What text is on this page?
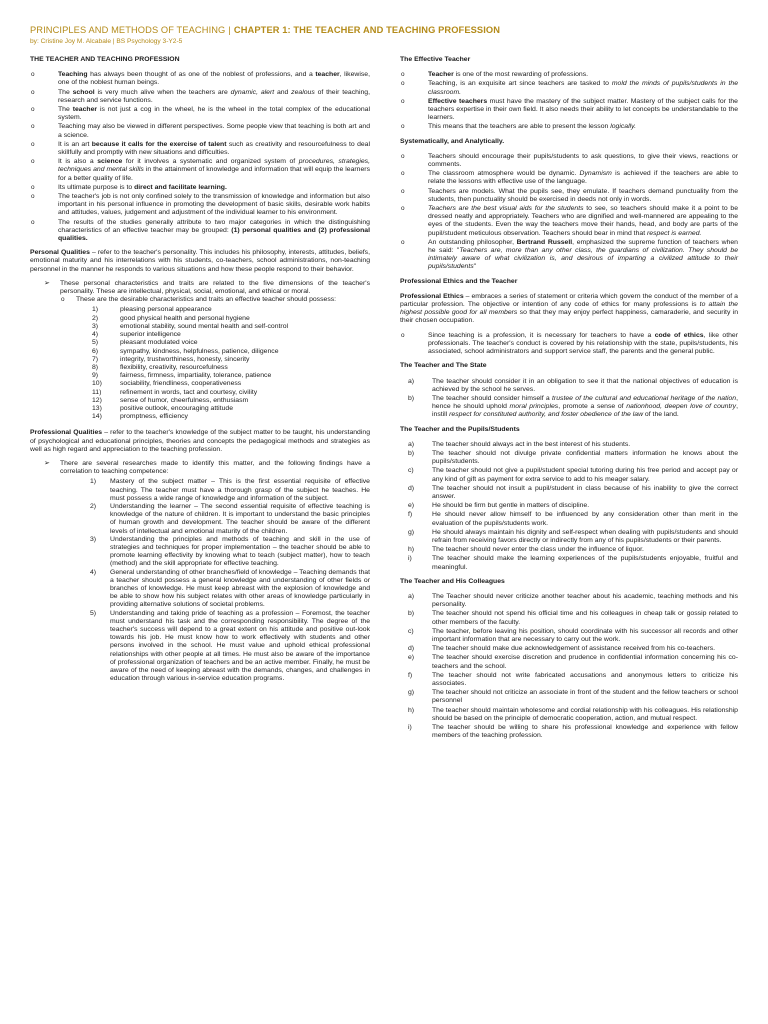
PRINCIPLES AND METHODS OF TEACHING | CHAPTER 1: THE TEACHER AND TEACHING PROFESSION
by: Cristine Joy M. Alcabale | BS Psychology 3-Y2-5
THE TEACHER AND TEACHING PROFESSION
o Teaching has always been thought of as one of the noblest of professions, and a teacher, likewise, one of the noblest human beings.
o The school is very much alive when the teachers are dynamic, alert and zealous of their teaching, research and service functions.
o The teacher is not just a cog in the wheel, he is the wheel in the total complex of the educational system.
o Teaching may also be viewed in different perspectives. Some people view that teaching is both art and a science.
o It is an art because it calls for the exercise of talent such as creativity and resourcefulness to deal skillfully and promptly with new situations and difficulties.
o It is also a science for it involves a systematic and organized system of procedures, strategies, techniques and mental skills in the attainment of knowledge and information that will equip the learners for a better quality of life.
o Its ultimate purpose is to direct and facilitate learning.
o The teacher's job is not only confined solely to the transmission of knowledge and information but also important in his personal influence in promoting the development of basic skills, desirable work habits and attitudes, values, judgement and adjustment of the individual learner to his environment.
o The results of the studies generally attribute to two major categories in which the distinguishing characteristics of an effective teacher may be grouped: (1) personal qualities and (2) professional qualities.
Personal Qualities – refer to the teacher's personality. This includes his philosophy, interests, attitudes, beliefs, emotional maturity and his interrelations with his students, co-teachers, school administrations, non-teaching personnel in the manner he responds to various situations and how these people respond to their behavior.
➢ These personal characteristics and traits are related to the five dimensions of the teacher's personality. These are intellectual, physical, social, emotional, and ethical or moral.
o These are the desirable characteristics and traits an effective teacher should possess:
1)	pleasing personal appearance
2)	good physical health and personal hygiene
3)	emotional stability, sound mental health and self-control
4)	superior intelligence
5)	pleasant modulated voice
6)	sympathy, kindness, helpfulness, patience, diligence
7)	integrity, trustworthiness, honesty, sincerity
8)	flexibility, creativity, resourcefulness
9)	fairness, firmness, impartiality, tolerance, patience
10)	sociability, friendliness, cooperativeness
11)	refinement in words, tact and courtesy, civility
12)	sense of humor, cheerfulness, enthusiasm
13)	positive outlook, encouraging attitude
14)	promptness, efficiency
Professional Qualities – refer to the teacher's knowledge of the subject matter to be taught, his understanding of psychological and educational principles, theories and concepts the pedagogical methods and strategies as well as high regard and appreciation to the teaching profession.
➢ There are several researches made to identify this matter, and the following findings have a correlation to teaching competence:
1) Mastery of the subject matter – This is the first essential requisite of effective teaching. The teacher must have a thorough grasp of the subject he teaches. He must possess a wide range of knowledge and information of the subject.
2) Understanding the learner – The second essential requisite of effective teaching is knowledge of the nature of children. It is important to understand the basic principles of human growth and development. The teacher should be aware of the different levels of intellectual and emotional maturity of the children.
3) Understanding the principles and methods of teaching and skill in the use of strategies and techniques for proper implementation – the teacher should be able to promote learning effectivity by knowing what to teach (subject matter), how to teach (method) and the skill appropriate for effective teaching.
4) General understanding of other branches/field of knowledge – Teaching demands that a teacher should possess a general knowledge and understanding of other fields or branches of knowledge. He must keep abreast with the explosion of knowledge and be able to show how his subject relates with other areas of knowledge particularly in providing alternative solutions of societal problems.
5) Understanding and taking pride of teaching as a profession – Foremost, the teacher must understand his task and the corresponding responsibility. The degree of the teacher's success will depend to a great extent on his attitude and positive out-look towards his job. He must know how to work effectively with students and other persons involved in the school. He must value and uphold ethical professional relationships with other people at all times. He must also be aware of the importance of professional organization of teachers and be an active member. Finally, he must be aware of the need of keeping abreast with the demands, changes, and challenges in education through various in-service education programs.
The Effective Teacher
o Teacher is one of the most rewarding of professions.
o Teaching, is an exquisite art since teachers are tasked to mold the minds of pupils/students in the classroom.
o Effective teachers must have the mastery of the subject matter. Mastery of the subject calls for the teachers expertise in their own field. It also needs their ability to let concepts be understandable to the learners.
o This means that the teachers are able to present the lesson logically.
Systematically, and Analytically.
o Teachers should encourage their pupils/students to ask questions, to give their views, reactions or comments.
o The classroom atmosphere would be dynamic. Dynamism is achieved if the teachers are able to relate the lessons with effective use of the language.
o Teachers are models. What the pupils see, they emulate. If teachers demand punctuality from the students, then punctuality should be exercised in deeds not only in words.
o Teachers are the best visual aids for the students to see, so teachers should make it a point to be dressed neatly and appropriately. Teachers who are dignified and well-mannered are appealing to the eyes of the students. Even the way the teachers move their hands, head, and body are parts of the pupil/student meticulous observation. Teachers should bear in mind that respect is earned.
o An outstanding philosopher, Bertrand Russell, emphasized the supreme function of teachers when he said: "Teachers are, more than any other class, the guardians of civilization. They should be intimately aware of what civilization is, and desirous of imparting a civilized attitude to their pupils/students"
Professional Ethics and the Teacher
Professional Ethics – embraces a series of statement or criteria which govern the conduct of the member of a particular profession. The objective or intention of any code of ethics for many professions is to attain the highest possible good for all members so that they may enjoy perfect happiness, camaraderie, and security in their chosen occupation.
o Since teaching is a profession, it is necessary for teachers to have a code of ethics, like other professionals. The teacher's conduct is covered by his relationship with the state, pupils/students, his associated, school administrators and support service staff, the parents and the general public.
The Teacher and The State
a)	The teacher should consider it in an obligation to see it that the national objectives of education is achieved by the school he serves.
b)	The teacher should consider himself a trustee of the cultural and educational heritage of the nation, hence he should uphold moral principles, promote a sense of nationhood, deepen love of country, instill respect for constituted authority, and foster obedience of the law of the land.
The Teacher and the Pupils/Students
a)	The teacher should always act in the best interest of his students.
b)	The teacher should not divulge private confidential matters information he knows about the pupils/students.
c)	The teacher should not give a pupil/student special tutoring during his free period and accept pay or any kind of gift as payment for extra service to add to his meager salary.
d)	The teacher should not insult a pupil/student in class because of his inability to give the correct answer.
e)	He should be firm but gentle in matters of discipline.
f)	He should never allow himself to be influenced by any consideration other than merit in the evaluation of the pupils/students work.
g)	He should always maintain his dignity and self-respect when dealing with pupils/students and should refrain from receiving favors directly or indirectly from any of his pupils/students or their parents.
h)	The teacher should never enter the class under the influence of liquor.
i)	The teacher should make the learning experiences of the pupils/students enjoyable, fruitful and meaningful.
The Teacher and His Colleagues
a)	The Teacher should never criticize another teacher about his academic, teaching methods and his personality.
b)	The teacher should not spend his official time and his colleagues in cheap talk or gossip related to other members of the faculty.
c)	The teacher, before leaving his position, should coordinate with his successor all records and other important information that are necessary to carry out the work.
d)	The teacher should make due acknowledgement of assistance received from his co-teachers.
e)	The teacher should exercise discretion and prudence in confidential information concerning his co-teachers and the school.
f)	The teacher should not write fabricated accusations and anonymous letters to criticize his associates.
g)	The teacher should not criticize an associate in front of the student and the fellow teachers or school personnel
h)	The teacher should maintain wholesome and cordial relationship with his colleagues. His relationship should be based on the principle of democratic cooperation, action, and mutual respect.
i)	The teacher should be willing to share his professional knowledge and experience with fellow members of the teaching profession.
